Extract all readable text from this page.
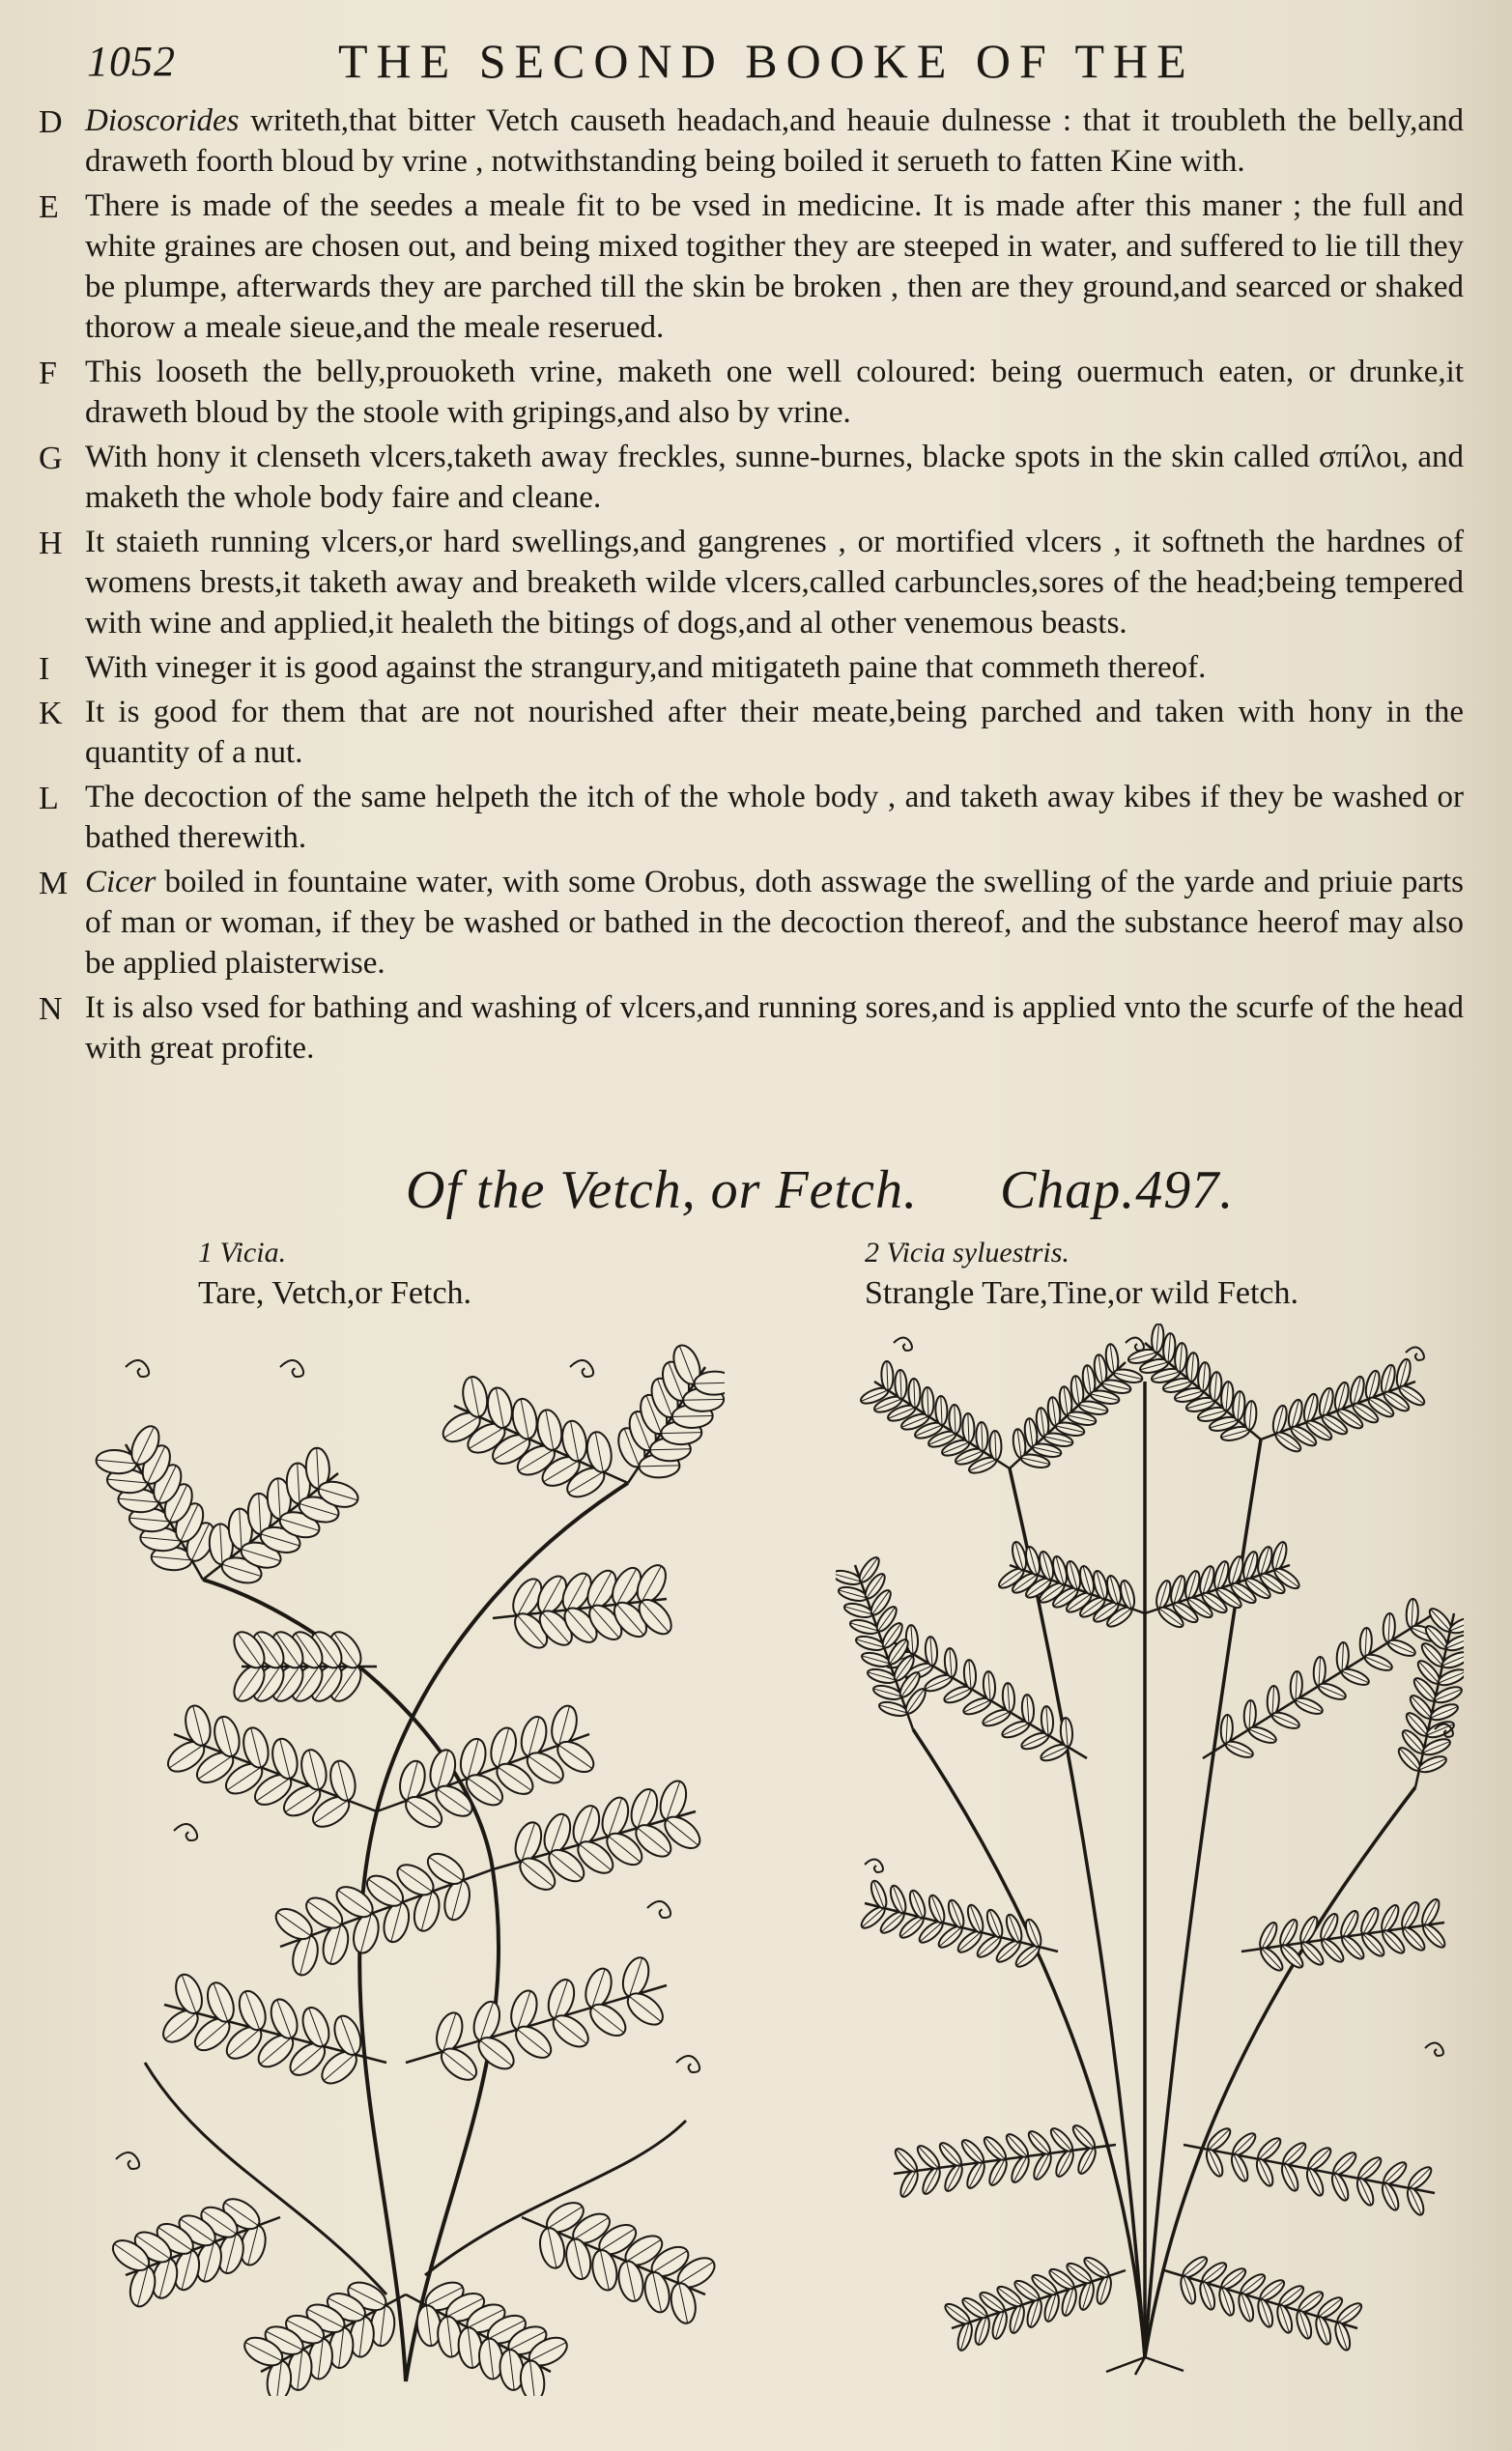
1052	THE SECOND BOOKE OF THE
D Dioscorides writeth,that bitter Vetch causeth headach,and heauie dulnesse : that it troubleth the belly,and draweth foorth bloud by vrine , notwithstanding being boiled it serueth to fatten Kine with.
E There is made of the seedes a meale fit to be vsed in medicine. It is made after this maner ; the full and white graines are chosen out, and being mixed togither they are steeped in water, and suffered to lie till they be plumpe, afterwards they are parched till the skin be broken , then are they ground,and searced or shaked thorow a meale sieue,and the meale reserued.
F This looseth the belly,prouoketh vrine, maketh one well coloured: being ouermuch eaten, or drunke,it draweth bloud by the stoole with gripings,and also by vrine.
G With hony it clenseth vlcers,taketh away freckles, sunne-burnes, blacke spots in the skin called σπίλοι, and maketh the whole body faire and cleane.
H It staieth running vlcers,or hard swellings,and gangrenes , or mortified vlcers , it softneth the hardnes of womens brests,it taketh away and breaketh wilde vlcers,called carbuncles,sores of the head;being tempered with wine and applied,it healeth the bitings of dogs,and al other venemous beasts.
I	With vineger it is good against the strangury,and mitigateth paine that commeth thereof.
K It is good for them that are not nourished after their meate,being parched and taken with hony in the quantity of a nut.
L The decoction of the same helpeth the itch of the whole body , and taketh away kibes if they be washed or bathed therewith.
M Cicer boiled in fountaine water, with some Orobus, doth asswage the swelling of the yarde and priuie parts of man or woman, if they be washed or bathed in the decoction thereof, and the substance heerof may also be applied plaisterwise.
N It is also vsed for bathing and washing of vlcers,and running sores,and is applied vnto the scurfe of the head with great profite.
Of the Vetch, or Fetch. Chap.497.
1 Vicia.
Tare, Vetch,or Fetch.
2 Vicia syluestris.
Strangle Tare,Tine,or wild Fetch.
